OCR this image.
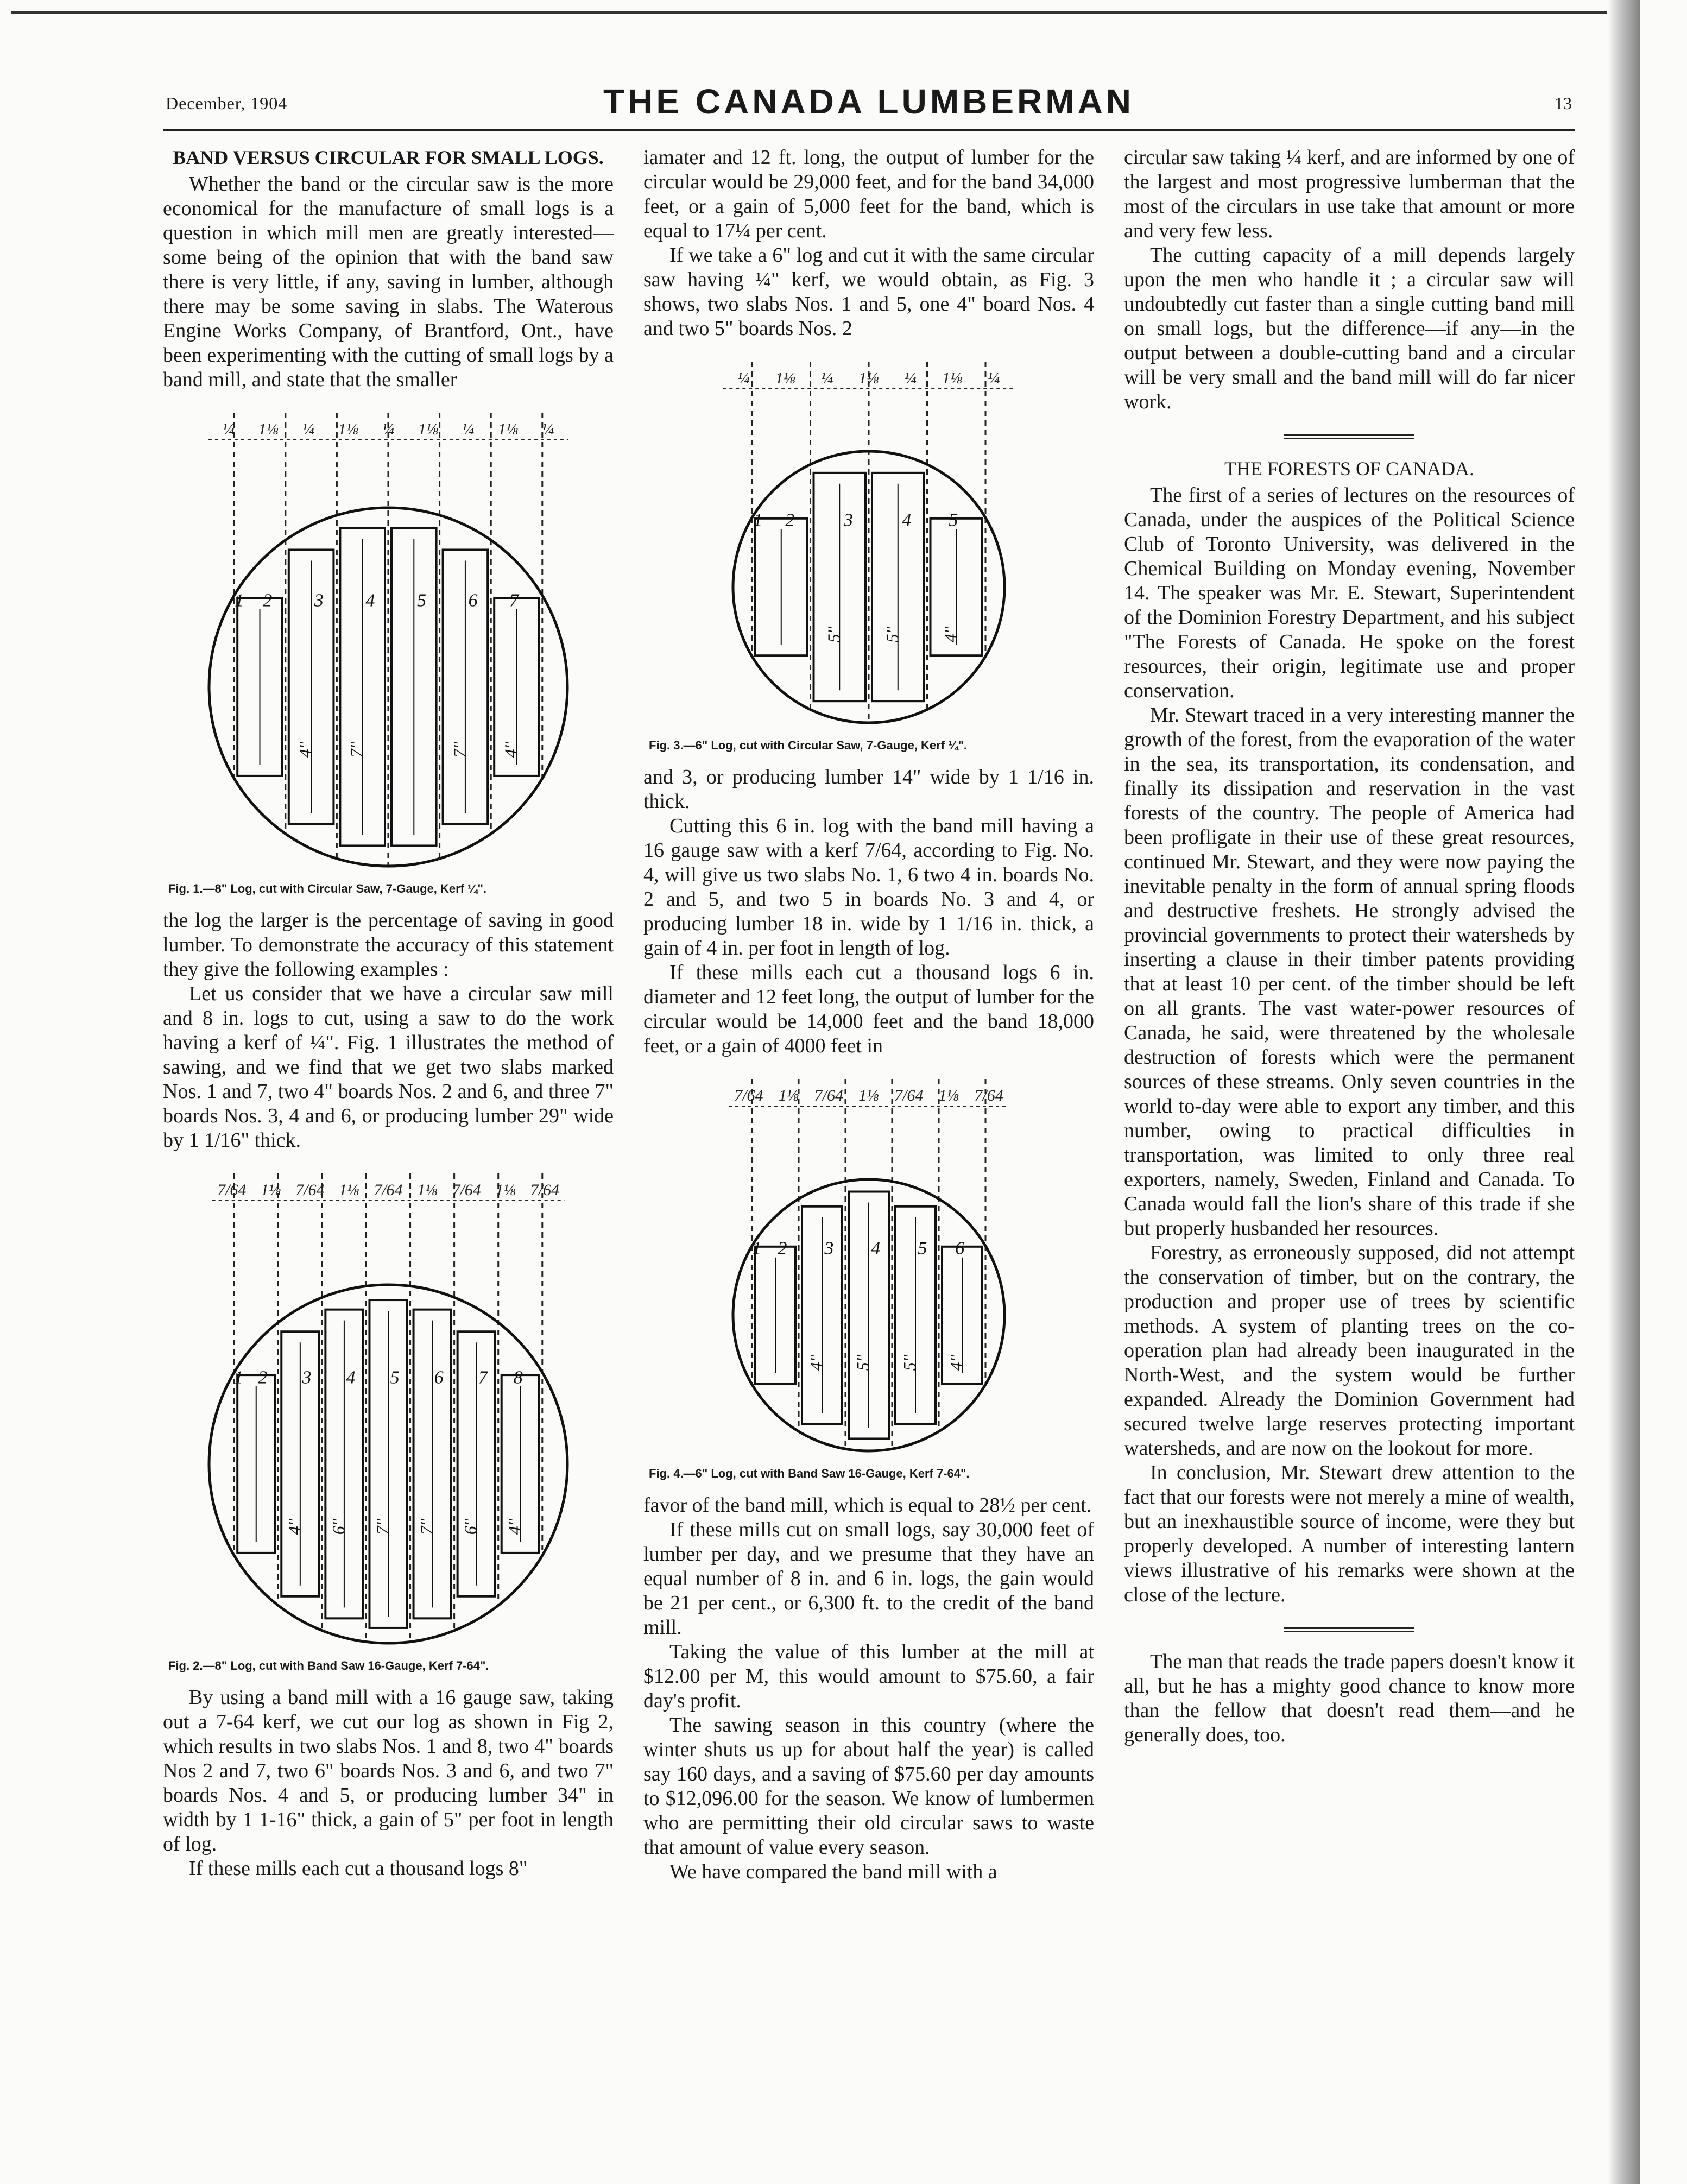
December, 1904	THE CANADA LUMBERMAN	13
BAND VERSUS CIRCULAR FOR SMALL LOGS.

Whether the band or the circular saw is the more economical for the manufacture of small logs is a question in which mill men are greatly interested—some being of the opinion that with the band saw there is very little, if any, saving in lumber, although there may be some saving in slabs. The Waterous Engine Works Company, of Brantford, Ont., have been experimenting with the cutting of small logs by a band mill, and state that the smaller

¼ 1⅛ ¼ 1⅛ ¼ 1⅛ ¼ 1⅛ ¼
1 2 3 4 5 6 7
4" 7"	7" 4"
Fig. 1.—8" Log, cut with Circular Saw, 7-Gauge, Kerf ¼".

the log the larger is the percentage of saving in good lumber. To demonstrate the accuracy of this statement they give the following examples :

Let us consider that we have a circular saw mill and 8 in. logs to cut, using a saw to do the work having a kerf of ¼". Fig. 1 illustrates the method of sawing, and we find that we get two slabs marked Nos. 1 and 7, two 4" boards Nos. 2 and 6, and three 7" boards Nos. 3, 4 and 6, or producing lumber 29" wide by 1 1/16" thick.

7/64 1⅛ 7/64 1⅛ 7/64 1⅛ 7/64 1⅛ 7/64
1 2 3 4 5 6 7 8
4" 6" 7" 7" 6" 4"
Fig. 2.—8" Log, cut with Band Saw 16-Gauge, Kerf 7-64".

By using a band mill with a 16 gauge saw, taking out a 7-64 kerf, we cut our log as shown in Fig 2, which results in two slabs Nos. 1 and 8, two 4" boards Nos 2 and 7, two 6" boards Nos. 3 and 6, and two 7" boards Nos. 4 and 5, or producing lumber 34" in width by 1 1-16" thick, a gain of 5" per foot in length of log.

If these mills each cut a thousand logs 8"

iamater and 12 ft. long, the output of lumber for the circular would be 29,000 feet, and for the band 34,000 feet, or a gain of 5,000 feet for the band, which is equal to 17¼ per cent.

If we take a 6" log and cut it with the same circular saw having ¼" kerf, we would obtain, as Fig. 3 shows, two slabs Nos. 1 and 5, one 4" board Nos. 4 and two 5" boards Nos. 2

¼ 1⅛ ¼ 1⅛ ¼ 1⅛ ¼
1 2	3	4 5
5" 5" 4"
Fig. 3.—6" Log, cut with Circular Saw, 7-Gauge, Kerf ¼".

and 3, or producing lumber 14" wide by 1 1/16 in. thick.

Cutting this 6 in. log with the band mill having a 16 gauge saw with a kerf 7/64, according to Fig. No. 4, will give us two slabs No. 1, 6 two 4 in. boards No. 2 and 5, and two 5 in boards No. 3 and 4, or producing lumber 18 in. wide by 1 1/16 in. thick, a gain of 4 in. per foot in length of log.

If these mills each cut a thousand logs 6 in. diameter and 12 feet long, the output of lumber for the circular would be 14,000 feet and the band 18,000 feet, or a gain of 4000 feet in

7/64 1⅛ 7/64 1⅛ 7/64 1⅛ 7/64
1 2 3 4 5 6
4" 5" 5" 4"
Fig. 4.—6" Log, cut with Band Saw 16-Gauge, Kerf 7-64".

favor of the band mill, which is equal to 28½ per cent.

If these mills cut on small logs, say 30,000 feet of lumber per day, and we presume that they have an equal number of 8 in. and 6 in. logs, the gain would be 21 per cent., or 6,300 ft. to the credit of the band mill.

Taking the value of this lumber at the mill at $12.00 per M, this would amount to $75.60, a fair day's profit.

The sawing season in this country (where the winter shuts us up for about half the year) is called say 160 days, and a saving of $75.60 per day amounts to $12,096.00 for the season. We know of lumbermen who are permitting their old circular saws to waste that amount of value every season.

We have compared the band mill with a

circular saw taking ¼ kerf, and are informed by one of the largest and most progressive lumberman that the most of the circulars in use take that amount or more and very few less.

The cutting capacity of a mill depends largely upon the men who handle it ; a circular saw will undoubtedly cut faster than a single cutting band mill on small logs, but the difference—if any—in the output between a double-cutting band and a circular will be very small and the band mill will do far nicer work.

THE FORESTS OF CANADA.

The first of a series of lectures on the resources of Canada, under the auspices of the Political Science Club of Toronto University, was delivered in the Chemical Building on Monday evening, November 14. The speaker was Mr. E. Stewart, Superintendent of the Dominion Forestry Department, and his subject "The Forests of Canada. He spoke on the forest resources, their origin, legitimate use and proper conservation.

Mr. Stewart traced in a very interesting manner the growth of the forest, from the evaporation of the water in the sea, its transportation, its condensation, and finally its dissipation and reservation in the vast forests of the country. The people of America had been profligate in their use of these great resources, continued Mr. Stewart, and they were now paying the inevitable penalty in the form of annual spring floods and destructive freshets. He strongly advised the provincial governments to protect their watersheds by inserting a clause in their timber patents providing that at least 10 per cent. of the timber should be left on all grants. The vast water-power resources of Canada, he said, were threatened by the wholesale destruction of forests which were the permanent sources of these streams. Only seven countries in the world to-day were able to export any timber, and this number, owing to practical difficulties in transportation, was limited to only three real exporters, namely, Sweden, Finland and Canada. To Canada would fall the lion's share of this trade if she but properly husbanded her resources.

Forestry, as erroneously supposed, did not attempt the conservation of timber, but on the contrary, the production and proper use of trees by scientific methods. A system of planting trees on the co-operation plan had already been inaugurated in the North-West, and the system would be further expanded. Already the Dominion Government had secured twelve large reserves protecting important watersheds, and are now on the lookout for more.

In conclusion, Mr. Stewart drew attention to the fact that our forests were not merely a mine of wealth, but an inexhaustible source of income, were they but properly developed. A number of interesting lantern views illustrative of his remarks were shown at the close of the lecture.

The man that reads the trade papers doesn't know it all, but he has a mighty good chance to know more than the fellow that doesn't read them—and he generally does, too.
